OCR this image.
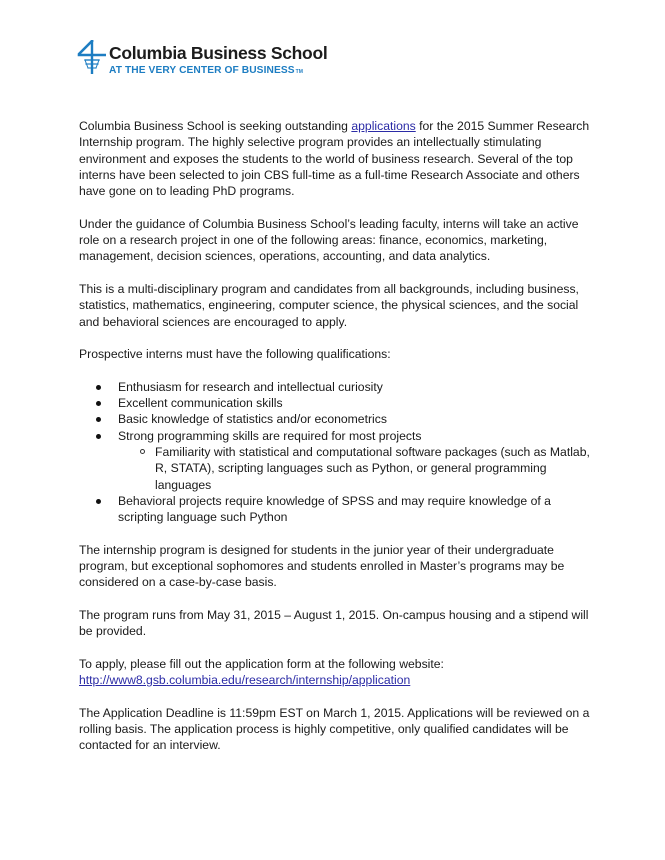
Columbia Business School
AT THE VERY CENTER OF BUSINESS™

Columbia Business School is seeking outstanding applications for the 2015 Summer Research Internship program. The highly selective program provides an intellectually stimulating environment and exposes the students to the world of business research. Several of the top interns have been selected to join CBS full-time as a full-time Research Associate and others have gone on to leading PhD programs.

Under the guidance of Columbia Business School’s leading faculty, interns will take an active role on a research project in one of the following areas: finance, economics, marketing, management, decision sciences, operations, accounting, and data analytics.

This is a multi-disciplinary program and candidates from all backgrounds, including business, statistics, mathematics, engineering, computer science, the physical sciences, and the social and behavioral sciences are encouraged to apply.

Prospective interns must have the following qualifications:

Enthusiasm for research and intellectual curiosity
Excellent communication skills
Basic knowledge of statistics and/or econometrics
Strong programming skills are required for most projects
Familiarity with statistical and computational software packages (such as Matlab, R, STATA), scripting languages such as Python, or general programming languages
Behavioral projects require knowledge of SPSS and may require knowledge of a scripting language such Python

The internship program is designed for students in the junior year of their undergraduate program, but exceptional sophomores and students enrolled in Master’s programs may be considered on a case-by-case basis.

The program runs from May 31, 2015 – August 1, 2015. On-campus housing and a stipend will be provided.

To apply, please fill out the application form at the following website:
http://www8.gsb.columbia.edu/research/internship/application

The Application Deadline is 11:59pm EST on March 1, 2015. Applications will be reviewed on a rolling basis. The application process is highly competitive, only qualified candidates will be contacted for an interview.
